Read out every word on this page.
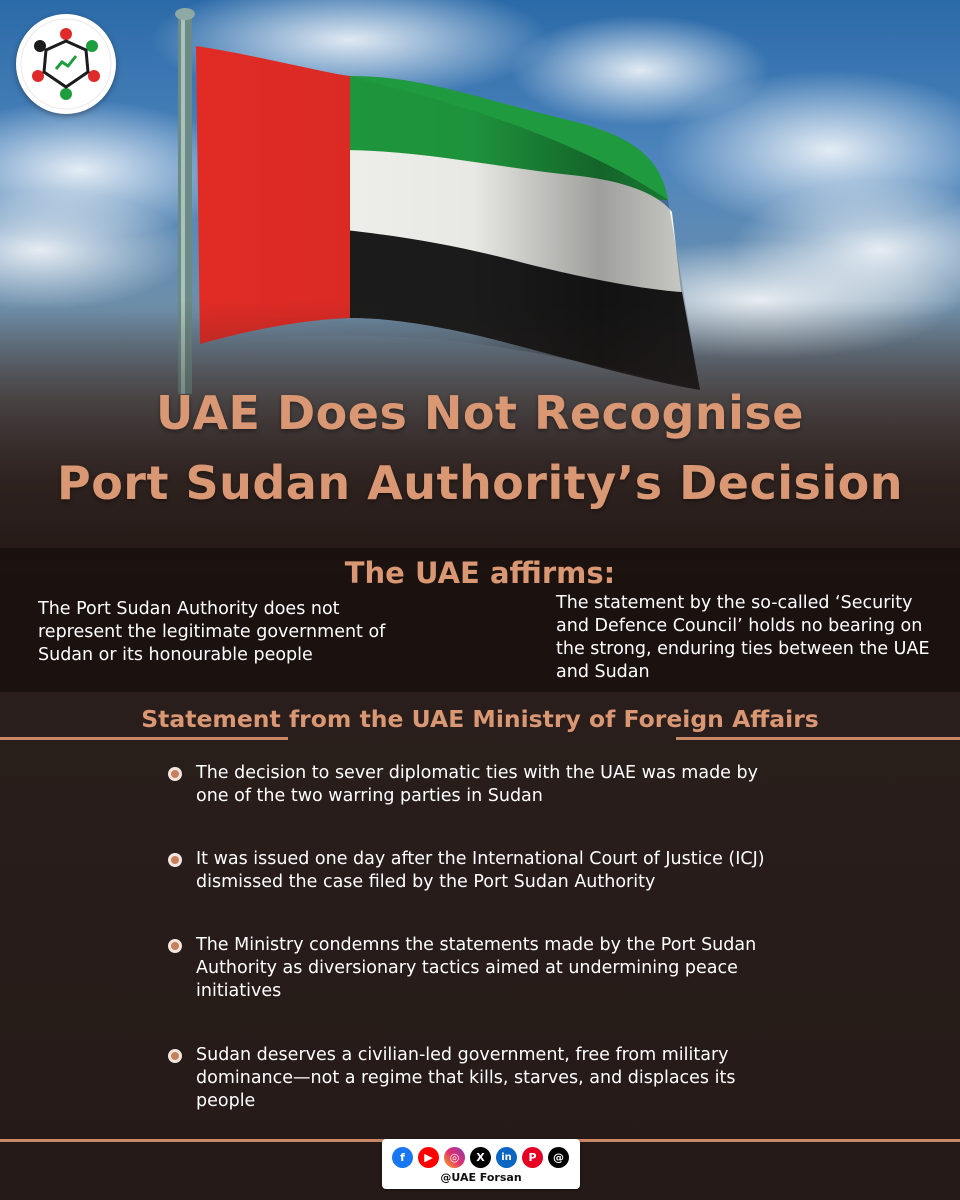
UAE Does Not Recognise
Port Sudan Authority’s Decision
The UAE affirms:
The Port Sudan Authority does not represent the legitimate government of Sudan or its honourable people
The statement by the so-called ‘Security and Defence Council’ holds no bearing on the strong, enduring ties between the UAE and Sudan
Statement from the UAE Ministry of Foreign Affairs
The decision to sever diplomatic ties with the UAE was made by one of the two warring parties in Sudan
It was issued one day after the International Court of Justice (ICJ) dismissed the case filed by the Port Sudan Authority
The Ministry condemns the statements made by the Port Sudan Authority as diversionary tactics aimed at undermining peace initiatives
Sudan deserves a civilian-led government, free from military dominance—not a regime that kills, starves, and displaces its people
f	▶	◎	X	in	P	@
@UAE Forsan
